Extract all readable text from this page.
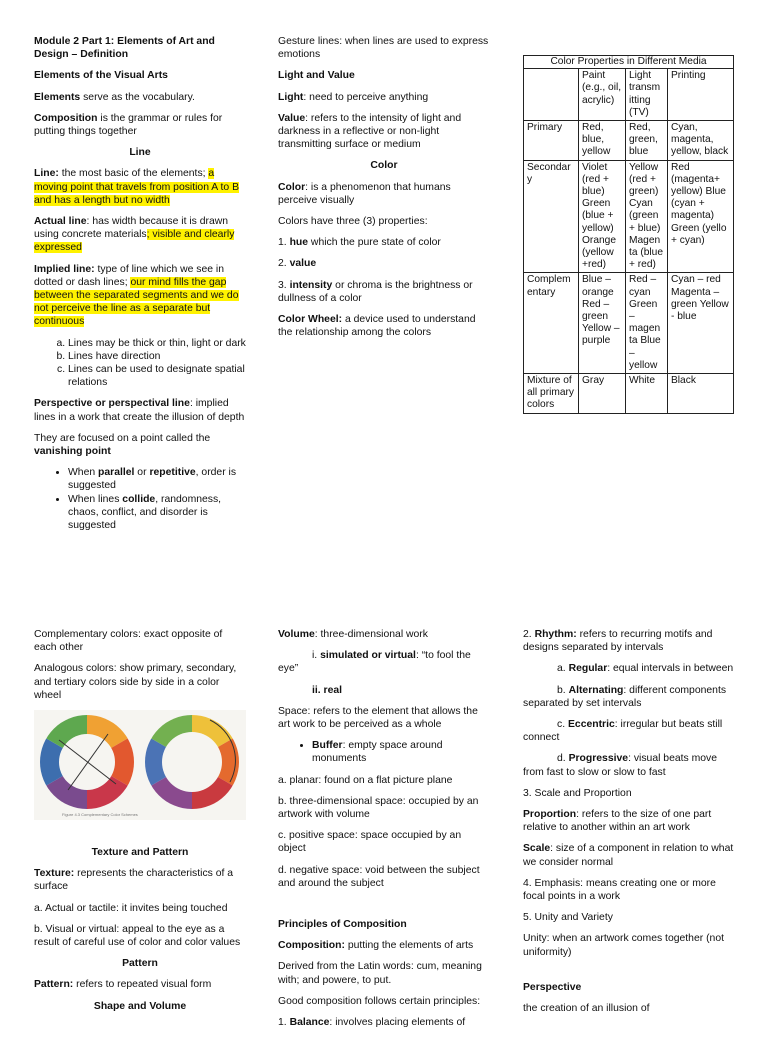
Module 2 Part 1: Elements of Art and Design – Definition

Elements of the Visual Arts

Elements serve as the vocabulary.

Composition is the grammar or rules for putting things together

Line

Line: the most basic of the elements; a moving point that travels from position A to B and has a length but no width

Actual line: has width because it is drawn using concrete materials; visible and clearly expressed

Implied line: type of line which we see in dotted or dash lines; our mind fills the gap between the separated segments and we do not perceive the line as a separate but continuous

a. Lines may be thick or thin, light or dark
b. Lines have direction
c. Lines can be used to designate spatial relations

Perspective or perspectival line: implied lines in a work that create the illusion of depth

They are focused on a point called the vanishing point

• When parallel or repetitive, order is suggested
• When lines collide, randomness, chaos, conflict, and disorder is suggested

Gesture lines: when lines are used to express emotions

Light and Value

Light: need to perceive anything

Value: refers to the intensity of light and darkness in a reflective or non-light transmitting surface or medium

Color

Color: is a phenomenon that humans perceive visually

Colors have three (3) properties:

1. hue which the pure state of color

2. value

3. intensity or chroma is the brightness or dullness of a color

Color Wheel: a device used to understand the relationship among the colors

Color Properties in Different Media			
	Paint (e.g., oil, acrylic)	Light transm itting (TV)	Printing
Primary	Red, blue, yellow	Red, green, blue	Cyan, magenta, yellow, black
Secondar y	Violet (red + blue) Green (blue + yellow) Orange (yellow +red)	Yellow (red + green) Cyan (green + blue) Magen ta (blue + red)	Red (magenta+ yellow) Blue (cyan + magenta) Green (yello + cyan)
Complem entary	Blue – orange Red – green Yellow – purple	Red – cyan Green – magen ta Blue – yellow	Cyan – red Magenta – green Yellow - blue
Mixture of all primary colors	Gray	White	Black

Complementary colors: exact opposite of each other

Analogous colors: show primary, secondary, and tertiary colors side by side in a color wheel

Figure 4.3 Complementary Color Schemes
Texture and Pattern

Texture: represents the characteristics of a surface

a. Actual or tactile: it invites being touched

b. Visual or virtual: appeal to the eye as a result of careful use of color and color values

Pattern

Pattern: refers to repeated visual form

Shape and Volume

Volume: three-dimensional work

i. simulated or virtual: “to fool the eye”

ii. real

Space: refers to the element that allows the art work to be perceived as a whole

• Buffer: empty space around monuments

a. planar: found on a flat picture plane

b. three-dimensional space: occupied by an artwork with volume

c. positive space: space occupied by an object

d. negative space: void between the subject and around the subject

Principles of Composition

Composition: putting the elements of arts

Derived from the Latin words: cum, meaning with; and powere, to put.

Good composition follows certain principles:

1. Balance: involves placing elements of

2. Rhythm: refers to recurring motifs and designs separated by intervals

a. Regular: equal intervals in between

b. Alternating: different components separated by set intervals

c. Eccentric: irregular but beats still connect

d. Progressive: visual beats move from fast to slow or slow to fast

3. Scale and Proportion

Proportion: refers to the size of one part relative to another within an art work

Scale: size of a component in relation to what we consider normal

4. Emphasis: means creating one or more focal points in a work

5. Unity and Variety

Unity: when an artwork comes together (not uniformity)

Perspective

the creation of an illusion of
